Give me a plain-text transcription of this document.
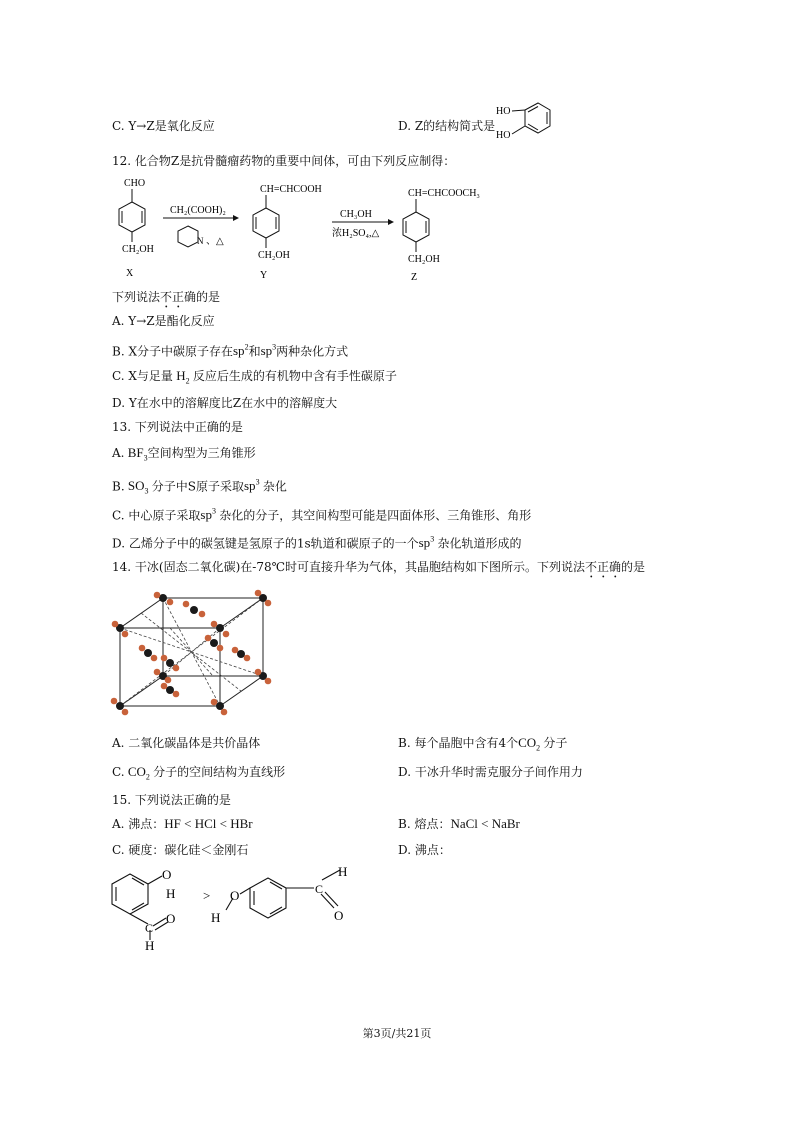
C. Y→Z是氧化反应	D. Z的结构简式是
HO
HO
12. 化合物Z是抗骨髓瘤药物的重要中间体，可由下列反应制得：
CHO
CH₂OH
X
CH₂(COOH)₂
N 、△
CH=CHCOOH
CH₂OH
Y
CH₃OH
浓H₂SO₄,△
CH=CHCOOCH₃
CH₂OH
Z
下列说法不正确的是
A. Y→Z是酯化反应
B. X分子中碳原子存在$sp^2$和$sp^3$两种杂化方式
C. X与足量 $H_2$ 反应后生成的有机物中含有手性碳原子
D. Y在水中的溶解度比Z在水中的溶解度大
13. 下列说法中正确的是
A. $BF_3$空间构型为三角锥形
B. $SO_3$ 分子中S原子采取$sp^3$ 杂化
C. 中心原子采取$sp^3$ 杂化的分子，其空间构型可能是四面体形、三角锥形、角形
D. 乙烯分子中的碳氢键是氢原子的1s轨道和碳原子的一个$sp^3$ 杂化轨道形成的
14. 干冰(固态二氧化碳)在-78℃时可直接升华为气体，其晶胞结构如下图所示。下列说法不正确的是
A. 二氧化碳晶体是共价晶体	B. 每个晶胞中含有4个$CO_2$ 分子
C. $CO_2$ 分子的空间结构为直线形	D. 干冰升华时需克服分子间作用力
15. 下列说法正确的是
A. 沸点：HF < HCl < HBr	B. 熔点：NaCl < NaBr
C. 硬度：碳化硅＜金刚石	D. 沸点：
O
H
C
O
H
> O
H
H
C
O
第3页/共21页
